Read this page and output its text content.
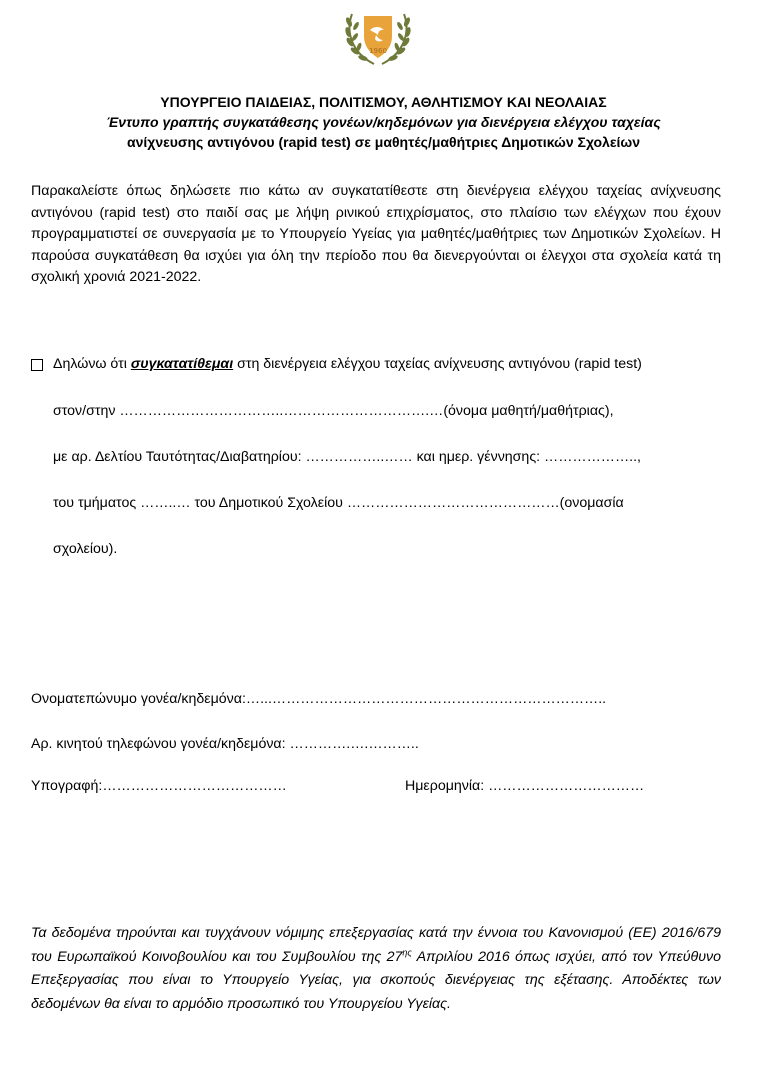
1960
ΥΠΟΥΡΓΕΙΟ ΠΑΙΔΕΙΑΣ, ΠΟΛΙΤΙΣΜΟΥ, ΑΘΛΗΤΙΣΜΟΥ ΚΑΙ ΝΕΟΛΑΙΑΣ
Έντυπο γραπτής συγκατάθεσης γονέων/κηδεμόνων για διενέργεια ελέγχου ταχείας
ανίχνευσης αντιγόνου (rapid test) σε μαθητές/μαθήτριες Δημοτικών Σχολείων
Παρακαλείστε όπως δηλώσετε πιο κάτω αν συγκατατίθεστε στη διενέργεια ελέγχου ταχείας ανίχνευσης αντιγόνου (rapid test) στο παιδί σας με λήψη ρινικού επιχρίσματος, στο πλαίσιο των ελέγχων που έχουν προγραμματιστεί σε συνεργασία με το Υπουργείο Υγείας για μαθητές/μαθήτριες των Δημοτικών Σχολείων. Η παρούσα συγκατάθεση θα ισχύει για όλη την περίοδο που θα διενεργούνται οι έλεγχοι στα σχολεία κατά τη σχολική χρονιά 2021-2022.
Δηλώνω ότι συγκατατίθεμαι στη διενέργεια ελέγχου ταχείας ανίχνευσης αντιγόνου (rapid test)
στον/στην ……………………………..………………………….…(όνομα μαθητή/μαθήτριας),
με αρ. Δελτίου Ταυτότητας/Διαβατηρίου: ……………..…… και ημερ. γέννησης: ………………..,
του τμήματος ……..… του Δημοτικού Σχολείου ………………………………………(ονομασία
σχολείου).
Ονοματεπώνυμο γονέα/κηδεμόνα:…...……………………………………………………………..
Αρ. κινητού τηλεφώνου γονέα/κηδεμόνα: ………….….………..
Υπογραφή:…………………………………	Ημερομηνία: ……………………………
Τα δεδομένα τηρούνται και τυγχάνουν νόμιμης επεξεργασίας κατά την έννοια του Κανονισμού (ΕΕ) 2016/679 του Ευρωπαϊκού Κοινοβουλίου και του Συμβουλίου της $27^{\eta\varsigma}$ Απριλίου 2016 όπως ισχύει, από τον Υπεύθυνο Επεξεργασίας που είναι το Υπουργείο Υγείας, για σκοπούς διενέργειας της εξέτασης. Αποδέκτες των δεδομένων θα είναι το αρμόδιο προσωπικό του Υπουργείου Υγείας.
